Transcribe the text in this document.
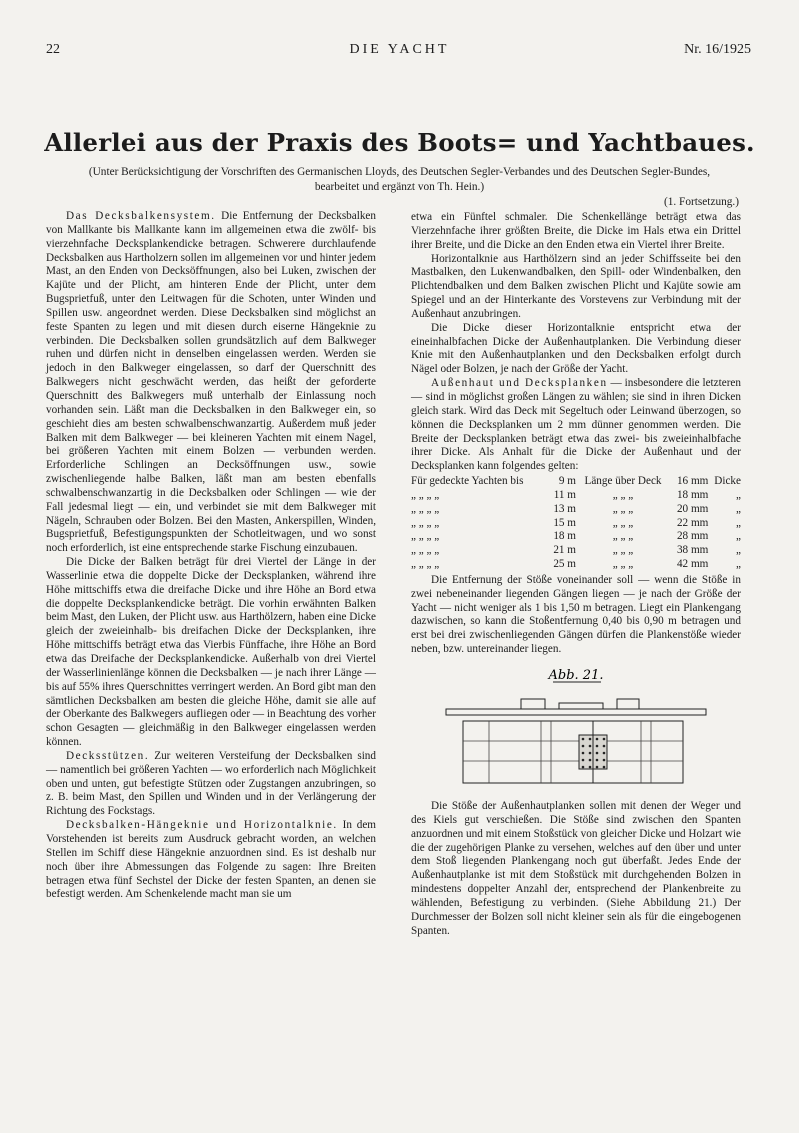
22	DIE YACHT	Nr. 16/1925
Allerlei aus der Praxis des Boots= und Yachtbaues.
(Unter Berücksichtigung der Vorschriften des Germanischen Lloyds, des Deutschen Segler-Verbandes und des Deutschen Segler-Bundes,
bearbeitet und ergänzt von Th. Hein.)
(1. Fortsetzung.)

Das Decksbalkensystem. Die Entfernung der Decksbalken von Mallkante bis Mallkante kann im allgemeinen etwa die zwölf- bis vierzehnfache Decksplankendicke betragen. Schwerere durchlaufende Decksbalken aus Hartholzern sollen im allgemeinen vor und hinter jedem Mast, an den Enden von Decksöffnungen, also bei Luken, zwischen der Kajüte und der Plicht, am hinteren Ende der Plicht, unter dem Bugsprietfuß, unter den Leitwagen für die Schoten, unter Winden und Spillen usw. angeordnet werden. Diese Decksbalken sind möglichst an feste Spanten zu legen und mit diesen durch eiserne Hängeknie zu verbinden. Die Decksbalken sollen grundsätzlich auf dem Balkweger ruhen und dürfen nicht in denselben eingelassen werden. Werden sie jedoch in den Balkweger eingelassen, so darf der Querschnitt des Balkwegers nicht geschwächt werden, das heißt der geforderte Querschnitt des Balkwegers muß unterhalb der Einlassung noch vorhanden sein. Läßt man die Decksbalken in den Balkweger ein, so geschieht dies am besten schwalbenschwanzartig. Außerdem muß jeder Balken mit dem Balkweger — bei kleineren Yachten mit einem Nagel, bei größeren Yachten mit einem Bolzen — verbunden werden. Erforderliche Schlingen an Decksöffnungen usw., sowie zwischenliegende halbe Balken, läßt man am besten ebenfalls schwalbenschwanzartig in die Decksbalken oder Schlingen — wie der Fall jedesmal liegt — ein, und verbindet sie mit dem Balkweger mit Nägeln, Schrauben oder Bolzen. Bei den Masten, Ankerspillen, Winden, Bugsprietfuß, Befestigungspunkten der Schotleitwagen, und wo sonst noch erforderlich, ist eine entsprechende starke Fischung einzubauen.

Die Dicke der Balken beträgt für drei Viertel der Länge in der Wasserlinie etwa die doppelte Dicke der Decksplanken, während ihre Höhe mittschiffs etwa die dreifache Dicke und ihre Höhe an Bord etwa die doppelte Decksplankendicke beträgt. Die vorhin erwähnten Balken beim Mast, den Luken, der Plicht usw. aus Harthölzern, haben eine Dicke gleich der zweieinhalb- bis dreifachen Dicke der Decksplanken, ihre Höhe mittschiffs beträgt etwa das Vierbis Fünffache, ihre Höhe an Bord etwa das Dreifache der Decksplankendicke. Außerhalb von drei Viertel der Wasserlinienlänge können die Decksbalken — je nach ihrer Länge — bis auf 55% ihres Querschnittes verringert werden. An Bord gibt man den sämtlichen Decksbalken am besten die gleiche Höhe, damit sie alle auf der Oberkante des Balkwegers aufliegen oder — in Beachtung des vorher schon Gesagten — gleichmäßig in den Balkweger eingelassen werden können.

Decksstützen. Zur weiteren Versteifung der Decksbalken sind — namentlich bei größeren Yachten — wo erforderlich nach Möglichkeit oben und unten, gut befestigte Stützen oder Zugstangen anzubringen, so z. B. beim Mast, den Spillen und Winden und in der Verlängerung der Richtung des Fockstags.

Decksbalken-Hängeknie und Horizontalknie. In dem Vorstehenden ist bereits zum Ausdruck gebracht worden, an welchen Stellen im Schiff diese Hängeknie anzuordnen sind. Es ist deshalb nur noch über ihre Abmessungen das Folgende zu sagen: Ihre Breiten betragen etwa fünf Sechstel der Dicke der festen Spanten, an denen sie befestigt werden. Am Schenkelende macht man sie um

etwa ein Fünftel schmaler. Die Schenkellänge beträgt etwa das Vierzehnfache ihrer größten Breite, die Dicke im Hals etwa ein Drittel ihrer Breite, und die Dicke an den Enden etwa ein Viertel ihrer Breite.

Horizontalknie aus Harthölzern sind an jeder Schiffsseite bei den Mastbalken, den Lukenwandbalken, den Spill- oder Windenbalken, den Plichtendbalken und dem Balken zwischen Plicht und Kajüte sowie am Spiegel und an der Hinterkante des Vorstevens zur Verbindung mit der Außenhaut anzubringen.

Die Dicke dieser Horizontalknie entspricht etwa der eineinhalbfachen Dicke der Außenhautplanken. Die Verbindung dieser Knie mit den Außenhautplanken und den Decksbalken erfolgt durch Nägel oder Bolzen, je nach der Größe der Yacht.

Außenhaut und Decksplanken — insbesondere die letzteren — sind in möglichst großen Längen zu wählen; sie sind in ihren Dicken gleich stark. Wird das Deck mit Segeltuch oder Leinwand überzogen, so können die Decksplanken um 2 mm dünner genommen werden. Die Breite der Decksplanken beträgt etwa das zwei- bis zweieinhalbfache ihrer Dicke. Als Anhalt für die Dicke der Außenhaut und der Decksplanken kann folgendes gelten:

Für gedeckte Yachten bis	9 m	Länge über Deck	16 mm	Dicke
„ „ „ „	11 m	„ „ „	18 mm	„
„ „ „ „	13 m	„ „ „	20 mm	„
„ „ „ „	15 m	„ „ „	22 mm	„
„ „ „ „	18 m	„ „ „	28 mm	„
„ „ „ „	21 m	„ „ „	38 mm	„
„ „ „ „	25 m	„ „ „	42 mm	„

Die Entfernung der Stöße voneinander soll — wenn die Stöße in zwei nebeneinander liegenden Gängen liegen — je nach der Größe der Yacht — nicht weniger als 1 bis 1,50 m betragen. Liegt ein Plankengang dazwischen, so kann die Stoßentfernung 0,40 bis 0,90 m betragen und erst bei drei zwischenliegenden Gängen dürfen die Plankenstöße wieder neben, bzw. untereinander liegen.

Abb. 21.

Die Stöße der Außenhautplanken sollen mit denen der Weger und des Kiels gut verschießen. Die Stöße sind zwischen den Spanten anzuordnen und mit einem Stoßstück von gleicher Dicke und Holzart wie die der zugehörigen Planke zu versehen, welches auf den über und unter dem Stoß liegenden Plankengang noch gut überfaßt. Jedes Ende der Außenhautplanke ist mit dem Stoßstück mit durchgehenden Bolzen in mindestens doppelter Anzahl der, entsprechend der Plankenbreite zu wählenden, Befestigung zu verbinden. (Siehe Abbildung 21.) Der Durchmesser der Bolzen soll nicht kleiner sein als für die eingebogenen Spanten.
